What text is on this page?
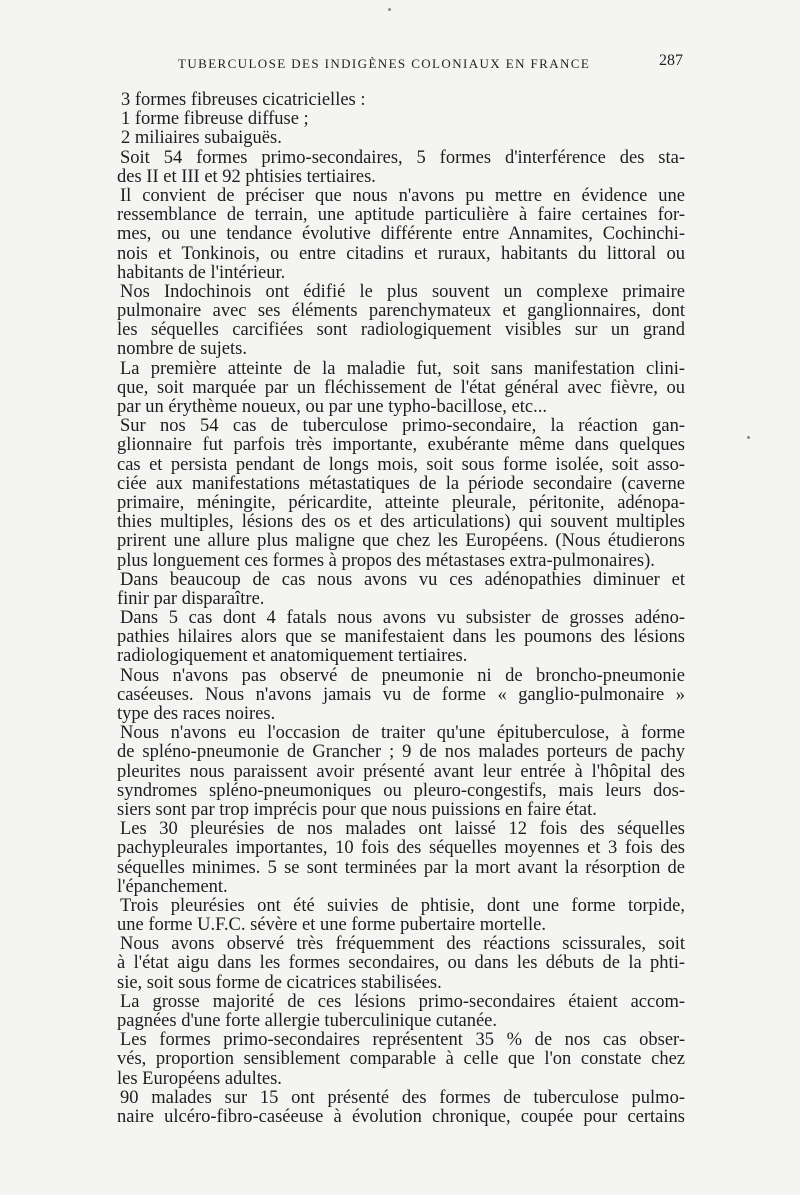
TUBERCULOSE DES INDIGÈNES COLONIAUX EN FRANCE	287
3 formes fibreuses cicatricielles :
1 forme fibreuse diffuse ;
2 miliaires subaiguës.
Soit 54 formes primo-secondaires, 5 formes d'interférence des sta-
des II et III et 92 phtisies tertiaires.
Il convient de préciser que nous n'avons pu mettre en évidence une
ressemblance de terrain, une aptitude particulière à faire certaines for-
mes, ou une tendance évolutive différente entre Annamites, Cochinchi-
nois et Tonkinois, ou entre citadins et ruraux, habitants du littoral ou
habitants de l'intérieur.
Nos Indochinois ont édifié le plus souvent un complexe primaire
pulmonaire avec ses éléments parenchymateux et ganglionnaires, dont
les séquelles carcifiées sont radiologiquement visibles sur un grand
nombre de sujets.
La première atteinte de la maladie fut, soit sans manifestation clini-
que, soit marquée par un fléchissement de l'état général avec fièvre, ou
par un érythème noueux, ou par une typho-bacillose, etc...
Sur nos 54 cas de tuberculose primo-secondaire, la réaction gan-
glionnaire fut parfois très importante, exubérante même dans quelques
cas et persista pendant de longs mois, soit sous forme isolée, soit asso-
ciée aux manifestations métastatiques de la période secondaire (caverne
primaire, méningite, péricardite, atteinte pleurale, péritonite, adénopa-
thies multiples, lésions des os et des articulations) qui souvent multiples
prirent une allure plus maligne que chez les Européens. (Nous étudierons
plus longuement ces formes à propos des métastases extra-pulmonaires).
Dans beaucoup de cas nous avons vu ces adénopathies diminuer et
finir par disparaître.
Dans 5 cas dont 4 fatals nous avons vu subsister de grosses adéno-
pathies hilaires alors que se manifestaient dans les poumons des lésions
radiologiquement et anatomiquement tertiaires.
Nous n'avons pas observé de pneumonie ni de broncho-pneumonie
caséeuses. Nous n'avons jamais vu de forme « ganglio-pulmonaire »
type des races noires.
Nous n'avons eu l'occasion de traiter qu'une épituberculose, à forme
de spléno-pneumonie de Grancher ; 9 de nos malades porteurs de pachy
pleurites nous paraissent avoir présenté avant leur entrée à l'hôpital des
syndromes spléno-pneumoniques ou pleuro-congestifs, mais leurs dos-
siers sont par trop imprécis pour que nous puissions en faire état.
Les 30 pleurésies de nos malades ont laissé 12 fois des séquelles
pachypleurales importantes, 10 fois des séquelles moyennes et 3 fois des
séquelles minimes. 5 se sont terminées par la mort avant la résorption de
l'épanchement.
Trois pleurésies ont été suivies de phtisie, dont une forme torpide,
une forme U.F.C. sévère et une forme pubertaire mortelle.
Nous avons observé très fréquemment des réactions scissurales, soit
à l'état aigu dans les formes secondaires, ou dans les débuts de la phti-
sie, soit sous forme de cicatrices stabilisées.
La grosse majorité de ces lésions primo-secondaires étaient accom-
pagnées d'une forte allergie tuberculinique cutanée.
Les formes primo-secondaires représentent 35 % de nos cas obser-
vés, proportion sensiblement comparable à celle que l'on constate chez
les Européens adultes.
90 malades sur 15 ont présenté des formes de tuberculose pulmo-
naire ulcéro-fibro-caséeuse à évolution chronique, coupée pour certains
